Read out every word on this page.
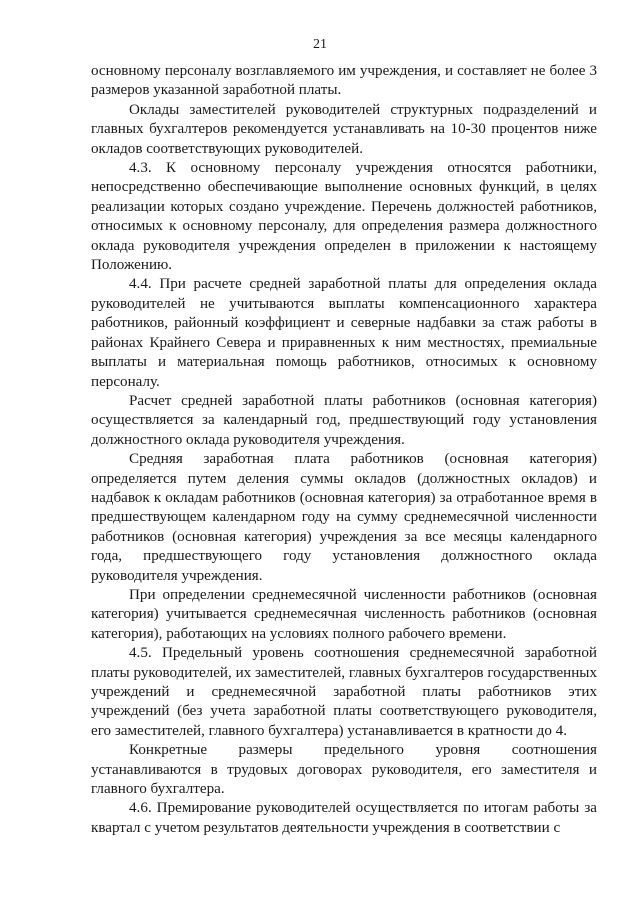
21

основному персоналу возглавляемого им учреждения, и составляет не более 3 размеров указанной заработной платы.

Оклады заместителей руководителей структурных подразделений и главных бухгалтеров рекомендуется устанавливать на 10-30 процентов ниже окладов соответствующих руководителей.

4.3. К основному персоналу учреждения относятся работники, непосредственно обеспечивающие выполнение основных функций, в целях реализации которых создано учреждение. Перечень должностей работников, относимых к основному персоналу, для определения размера должностного оклада руководителя учреждения определен в приложении к настоящему Положению.

4.4. При расчете средней заработной платы для определения оклада руководителей не учитываются выплаты компенсационного характера работников, районный коэффициент и северные надбавки за стаж работы в районах Крайнего Севера и приравненных к ним местностях, премиальные выплаты и материальная помощь работников, относимых к основному персоналу.

Расчет средней заработной платы работников (основная категория) осуществляется за календарный год, предшествующий году установления должностного оклада руководителя учреждения.

Средняя заработная плата работников (основная категория) определяется путем деления суммы окладов (должностных окладов) и надбавок к окладам работников (основная категория) за отработанное время в предшествующем календарном году на сумму среднемесячной численности работников (основная категория) учреждения за все месяцы календарного года, предшествующего году установления должностного оклада руководителя учреждения.

При определении среднемесячной численности работников (основная категория) учитывается среднемесячная численность работников (основная категория), работающих на условиях полного рабочего времени.

4.5. Предельный уровень соотношения среднемесячной заработной платы руководителей, их заместителей, главных бухгалтеров государственных учреждений и среднемесячной заработной платы работников этих учреждений (без учета заработной платы соответствующего руководителя, его заместителей, главного бухгалтера) устанавливается в кратности до 4.

Конкретные размеры предельного уровня соотношения устанавливаются в трудовых договорах руководителя, его заместителя и главного бухгалтера.

4.6. Премирование руководителей осуществляется по итогам работы за квартал с учетом результатов деятельности учреждения в соответствии с
